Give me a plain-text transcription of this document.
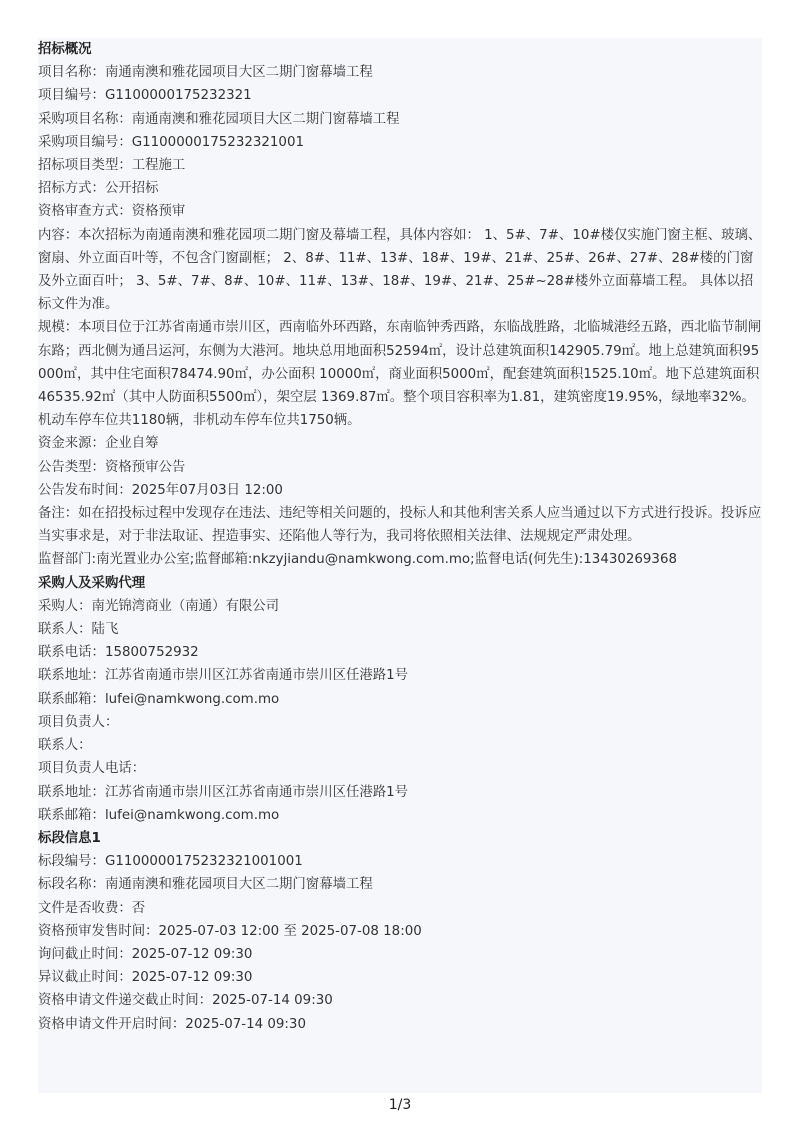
招标概况
项目名称：南通南澳和雅花园项目大区二期门窗幕墙工程
项目编号：G1100000175232321
采购项目名称：南通南澳和雅花园项目大区二期门窗幕墙工程
采购项目编号：G1100000175232321001
招标项目类型：工程施工
招标方式：公开招标
资格审查方式：资格预审
内容：本次招标为南通南澳和雅花园项二期门窗及幕墙工程，具体内容如： 1、5#、7#、10#楼仅实施门窗主框、玻璃、窗扇、外立面百叶等，不包含门窗副框； 2、8#、11#、13#、18#、19#、21#、25#、26#、27#、28#楼的门窗及外立面百叶； 3、5#、7#、8#、10#、11#、13#、18#、19#、21#、25#~28#楼外立面幕墙工程。 具体以招标文件为准。
规模：本项目位于江苏省南通市崇川区，西南临外环西路，东南临钟秀西路，东临战胜路，北临城港经五路，西北临节制闸东路；西北侧为通吕运河，东侧为大港河。地块总用地面积52594㎡，设计总建筑面积142905.79㎡。地上总建筑面积95000㎡，其中住宅面积78474.90㎡，办公面积 10000㎡，商业面积5000㎡，配套建筑面积1525.10㎡。地下总建筑面积46535.92㎡（其中人防面积5500㎡），架空层 1369.87㎡。整个项目容积率为1.81，建筑密度19.95%，绿地率32%。机动车停车位共1180辆，非机动车停车位共1750辆。
资金来源：企业自筹
公告类型：资格预审公告
公告发布时间：2025年07月03日 12:00
备注：如在招投标过程中发现存在违法、违纪等相关问题的，投标人和其他利害关系人应当通过以下方式进行投诉。投诉应当实事求是，对于非法取证、捏造事实、还陷他人等行为，我司将依照相关法律、法规规定严肃处理。
监督部门:南光置业办公室;监督邮箱:nkzyjiandu@namkwong.com.mo;监督电话(何先生):13430269368
采购人及采购代理
采购人：南光锦湾商业（南通）有限公司
联系人：陆飞
联系电话：15800752932
联系地址：江苏省南通市崇川区江苏省南通市崇川区任港路1号
联系邮箱：lufei@namkwong.com.mo
项目负责人：
联系人：
项目负责人电话：
联系地址：江苏省南通市崇川区江苏省南通市崇川区任港路1号
联系邮箱：lufei@namkwong.com.mo
标段信息1
标段编号：G1100000175232321001001
标段名称：南通南澳和雅花园项目大区二期门窗幕墙工程
文件是否收费：否
资格预审发售时间：2025-07-03 12:00 至 2025-07-08 18:00
询问截止时间：2025-07-12 09:30
异议截止时间：2025-07-12 09:30
资格申请文件递交截止时间：2025-07-14 09:30
资格申请文件开启时间：2025-07-14 09:30
1/3
